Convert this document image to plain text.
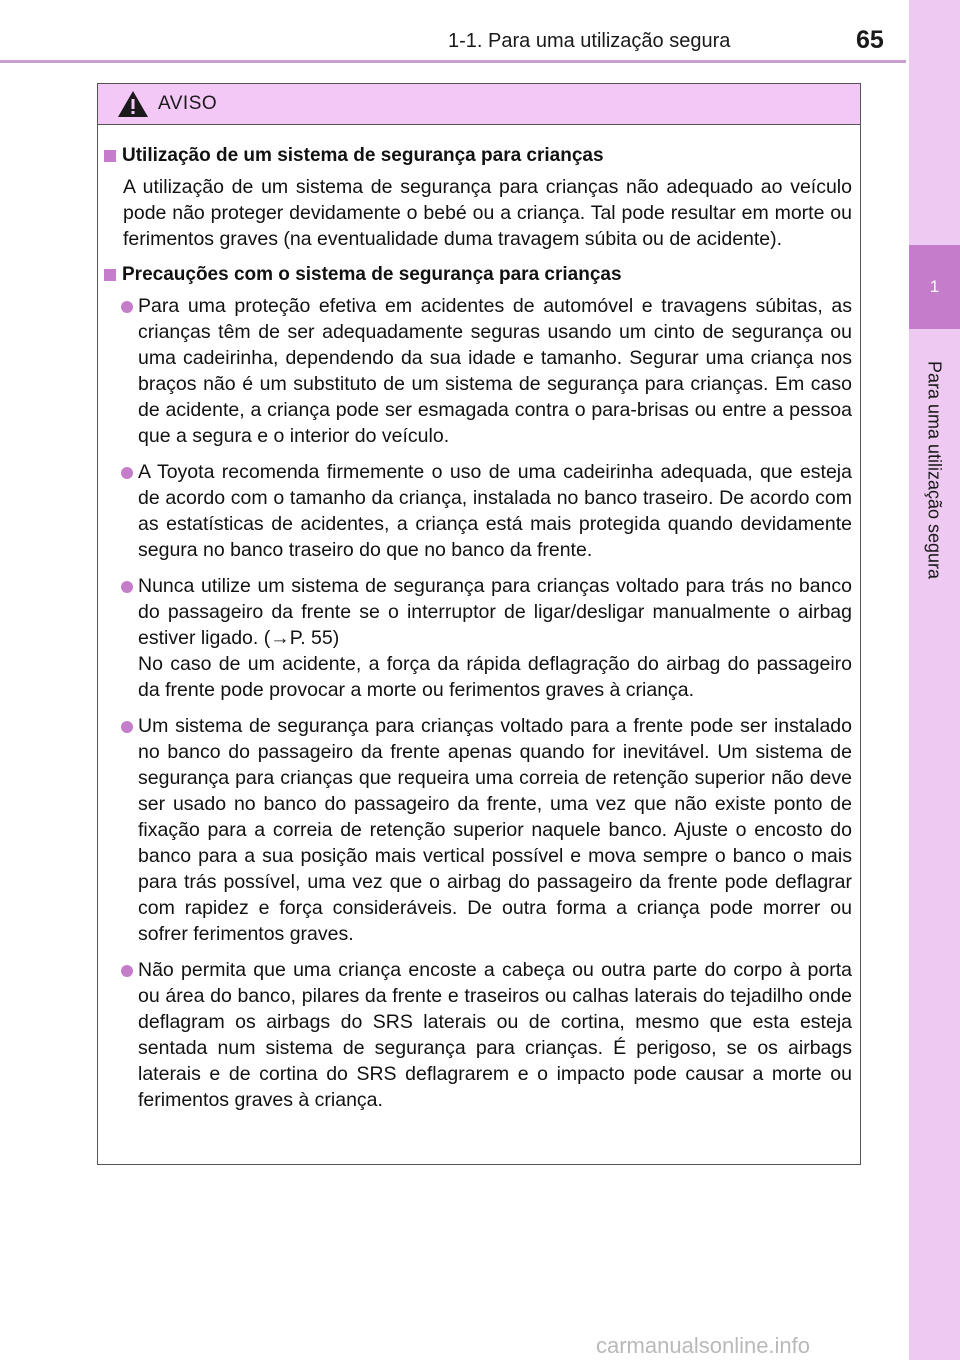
1-1. Para uma utilização segura	65
1
Para uma utilização segura
AVISO
Utilização de um sistema de segurança para crianças

A utilização de um sistema de segurança para crianças não adequado ao veículo pode não proteger devidamente o bebé ou a criança. Tal pode resultar em morte ou ferimentos graves (na eventualidade duma travagem súbita ou de acidente).

Precauções com o sistema de segurança para crianças
Para uma proteção efetiva em acidentes de automóvel e travagens súbitas, as crianças têm de ser adequadamente seguras usando um cinto de segurança ou uma cadeirinha, dependendo da sua idade e tamanho. Segurar uma criança nos braços não é um substituto de um sistema de segurança para crianças. Em caso de acidente, a criança pode ser esmagada contra o para-brisas ou entre a pessoa que a segura e o interior do veículo.
A Toyota recomenda firmemente o uso de uma cadeirinha adequada, que esteja de acordo com o tamanho da criança, instalada no banco traseiro. De acordo com as estatísticas de acidentes, a criança está mais protegida quando devidamente segura no banco traseiro do que no banco da frente.
Nunca utilize um sistema de segurança para crianças voltado para trás no banco do passageiro da frente se o interruptor de ligar/desligar manualmente o airbag estiver ligado. (→P. 55)
No caso de um acidente, a força da rápida deflagração do airbag do passageiro da frente pode provocar a morte ou ferimentos graves à criança.
Um sistema de segurança para crianças voltado para a frente pode ser instalado no banco do passageiro da frente apenas quando for inevitável. Um sistema de segurança para crianças que requeira uma correia de retenção superior não deve ser usado no banco do passageiro da frente, uma vez que não existe ponto de fixação para a correia de retenção superior naquele banco. Ajuste o encosto do banco para a sua posição mais vertical possível e mova sempre o banco o mais para trás possível, uma vez que o airbag do passageiro da frente pode deflagrar com rapidez e força consideráveis. De outra forma a criança pode morrer ou sofrer ferimentos graves.
Não permita que uma criança encoste a cabeça ou outra parte do corpo à porta ou área do banco, pilares da frente e traseiros ou calhas laterais do tejadilho onde deflagram os airbags do SRS laterais ou de cortina, mesmo que esta esteja sentada num sistema de segurança para crianças. É perigoso, se os airbags laterais e de cortina do SRS deflagrarem e o impacto pode causar a morte ou ferimentos graves à criança.
carmanualsonline.info
